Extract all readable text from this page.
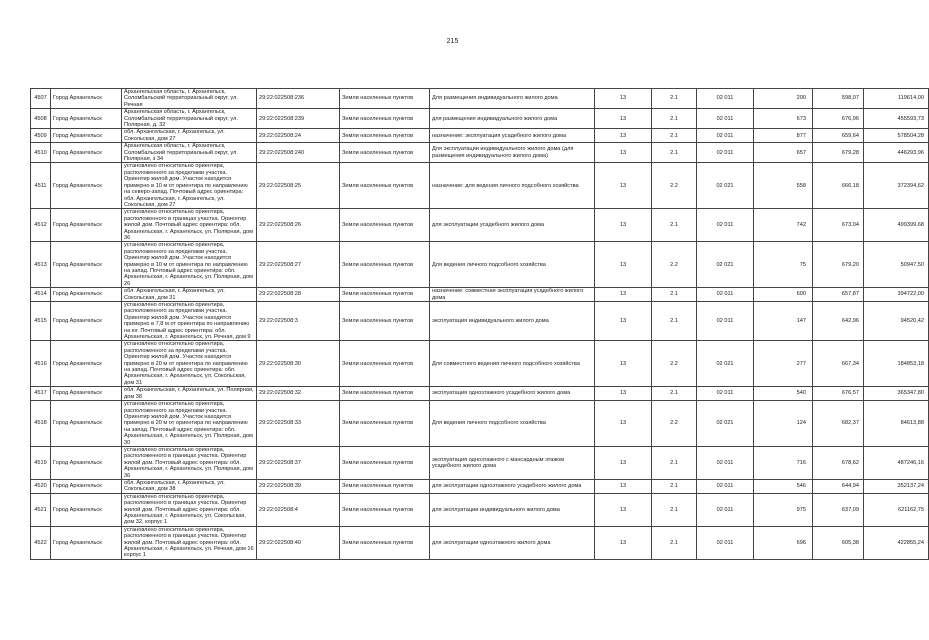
215
4507	Город Архангельск	Архангельская область, г. Архангельск, Соломбальский территориальный округ, ул. Речная	29:22:022508:236	Земли населенных пунктов	Для размещения индивидуального жилого дома	13	2.1	02 011	200	598,07	119614,00
4508	Город Архангельск	Архангельская область, г. Архангельск, Соломбальский территориальный округ, ул. Полярная, д. 32	29:22:022508:239	Земли населенных пунктов	для размещения индивидуального жилого дома	13	2.1	02 011	673	676,96	455593,73
4509	Город Архангельск	обл. Архангельская, г. Архангельск, ул. Сокольская, дом 27	29:22:022508:24	Земли населенных пунктов	назначение: эксплуатация усадебного жилого дома	13	2.1	02 011	877	659,64	578504,28
4510	Город Архангельск	Архангельская область, г. Архангельск, Соломбальский территориальный округ, ул. Полярная, з 34	29:22:022508:240	Земли населенных пунктов	Для эксплуатации индивидуального жилого дома (для размещения индивидуального жилого дома)	13	2.1	02 011	657	679,28	446293,96
4511	Город Архангельск	установлено относительно ориентира, расположенного за пределами участка. Ориентир жилой дом. Участок находится примерно в 10 м от ориентира по направлению на северо-запад. Почтовый адрес ориентира: обл. Архангельская, г. Архангельск, ул. Сокольская, дом 27	29:22:022508:25	Земли населенных пунктов	назначение: для ведения личного подсобного хозяйства	13	2.2	02 021	558	666,18	372394,62
4512	Город Архангельск	установлено относительно ориентира, расположенного в границах участка. Ориентир жилой дом. Почтовый адрес ориентира: обл. Архангельская, г. Архангельск, ул. Полярная, дом 36	29:22:022508:26	Земли населенных пунктов	для эксплуатации усадебного жилого дома	13	2.1	02 011	742	673,04	499399,68
4513	Город Архангельск	установлено относительно ориентира, расположенного за пределами участка. Ориентир жилой дом. Участок находится примерно в 10 м от ориентира по направлению на запад. Почтовый адрес ориентира: обл. Архангельская, г. Архангельск, ул. Полярная, дом 26	29:22:022508:27	Земли населенных пунктов	Для ведения личного подсобного хозяйства	13	2.2	02 021	75	679,20	50947,50
4514	Город Архангельск	обл. Архангельская, г. Архангельск, ул. Сокольская, дом 31	29:22:022508:28	Земли населенных пунктов	назначение: совместная эксплуатация усадебного жилого дома	13	2.1	02 011	600	657,87	394722,00
4515	Город Архангельск	установлено относительно ориентира, расположенного за пределами участка. Ориентир жилой дом. Участок находится примерно в 7,8 м от ориентира по направлению на юг. Почтовый адрес ориентира: обл. Архангельская, г. Архангельск, ул. Речная, дом 9	29:22:022508:3	Земли населенных пунктов	эксплуатация индивидуального жилого дома	13	2.1	02 011	147	642,96	94520,42
4516	Город Архангельск	установлено относительно ориентира, расположенного за пределами участка. Ориентир жилой дом. Участок находится примерно в 20 м от ориентира по направлению на запад. Почтовый адрес ориентира: обл. Архангельская, г. Архангельск, ул. Сокольская, дом 31	29:22:022508:30	Земли населенных пунктов	Для совместного ведения личного подсобного хозяйства	13	2.2	02 021	277	667,34	184853,18
4517	Город Архангельск	обл. Архангельская, г. Архангельск, ул. Полярная, дом 38	29:22:022508:32	Земли населенных пунктов	эксплуатация одноэтажного усадебного жилого дома	13	2.1	02 011	540	676,57	365347,80
4518	Город Архангельск	установлено относительно ориентира, расположенного за пределами участка. Ориентир жилой дом. Участок находится примерно в 20 м от ориентира по направлению на запад. Почтовый адрес ориентира: обл. Архангельская, г. Архангельск, ул. Полярная, дом 30	29:22:022508:33	Земли населенных пунктов	Для ведения личного подсобного хозяйства	13	2.2	02 021	124	682,37	84613,88
4519	Город Архангельск	установлено относительно ориентира, расположенного в границах участка. Ориентир жилой дом. Почтовый адрес ориентира: обл. Архангельская, г. Архангельск, ул. Полярная, дом 36	29:22:022508:37	Земли населенных пунктов	эксплуатация одноэтажного с мансардным этажом усадебного жилого дома	13	2.1	02 011	716	678,62	487246,16
4520	Город Архангельск	обл. Архангельская, г. Архангельск, ул. Сокольская, дом 38	29:22:022508:39	Земли населенных пунктов	для эксплуатации одноэтажного усадебного жилого дома	13	2.1	02 011	546	644,94	352137,24
4521	Город Архангельск	установлено относительно ориентира, расположенного в границах участка. Ориентир жилой дом. Почтовый адрес ориентира: обл. Архангельская, г. Архангельск, ул. Сокольская, дом 32, корпус 1	29:22:022508:4	Земли населенных пунктов	для эксплуатации индивидуального жилого дома	13	2.1	02 011	975	637,09	621162,75
4522	Город Архангельск	установлено относительно ориентира, расположенного в границах участка. Ориентир жилой дом. Почтовый адрес ориентира: обл. Архангельская, г. Архангельск, ул. Речная, дом 16 корпус 1	29:22:022508:40	Земли населенных пунктов	для эксплуатации одноэтажного жилого дома	13	2.1	02 011	696	605,38	422855,24
